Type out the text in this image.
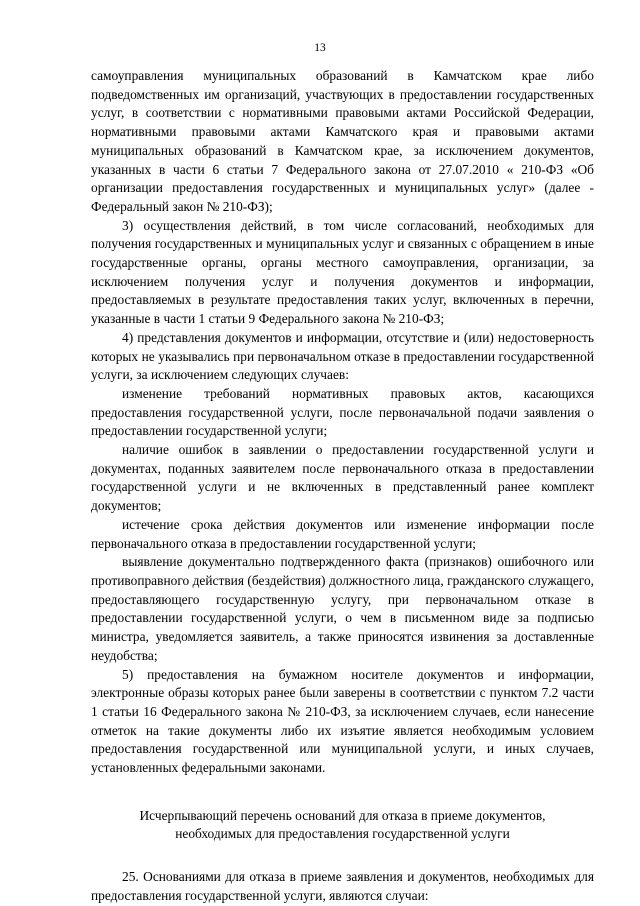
13

самоуправления муниципальных образований в Камчатском крае либо подведомственных им организаций, участвующих в предоставлении государственных услуг, в соответствии с нормативными правовыми актами Российской Федерации, нормативными правовыми актами Камчатского края и правовыми актами муниципальных образований в Камчатском крае, за исключением документов, указанных в части 6 статьи 7 Федерального закона от 27.07.2010 « 210-ФЗ «Об организации предоставления государственных и муниципальных услуг» (далее - Федеральный закон № 210-ФЗ);

3) осуществления действий, в том числе согласований, необходимых для получения государственных и муниципальных услуг и связанных с обращением в иные государственные органы, органы местного самоуправления, организации, за исключением получения услуг и получения документов и информации, предоставляемых в результате предоставления таких услуг, включенных в перечни, указанные в части 1 статьи 9 Федерального закона № 210-ФЗ;

4) представления документов и информации, отсутствие и (или) недостоверность которых не указывались при первоначальном отказе в предоставлении государственной услуги, за исключением следующих случаев:

изменение требований нормативных правовых актов, касающихся предоставления государственной услуги, после первоначальной подачи заявления о предоставлении государственной услуги;

наличие ошибок в заявлении о предоставлении государственной услуги и документах, поданных заявителем после первоначального отказа в предоставлении государственной услуги и не включенных в представленный ранее комплект документов;

истечение срока действия документов или изменение информации после первоначального отказа в предоставлении государственной услуги;

выявление документально подтвержденного факта (признаков) ошибочного или противоправного действия (бездействия) должностного лица, гражданского служащего, предоставляющего государственную услугу, при первоначальном отказе в предоставлении государственной услуги, о чем в письменном виде за подписью министра, уведомляется заявитель, а также приносятся извинения за доставленные неудобства;

5) предоставления на бумажном носителе документов и информации, электронные образы которых ранее были заверены в соответствии с пунктом 7.2 части 1 статьи 16 Федерального закона № 210-ФЗ, за исключением случаев, если нанесение отметок на такие документы либо их изъятие является необходимым условием предоставления государственной или муниципальной услуги, и иных случаев, установленных федеральными законами.

Исчерпывающий перечень оснований для отказа в приеме документов, необходимых для предоставления государственной услуги

25. Основаниями для отказа в приеме заявления и документов, необходимых для предоставления государственной услуги, являются случаи:
